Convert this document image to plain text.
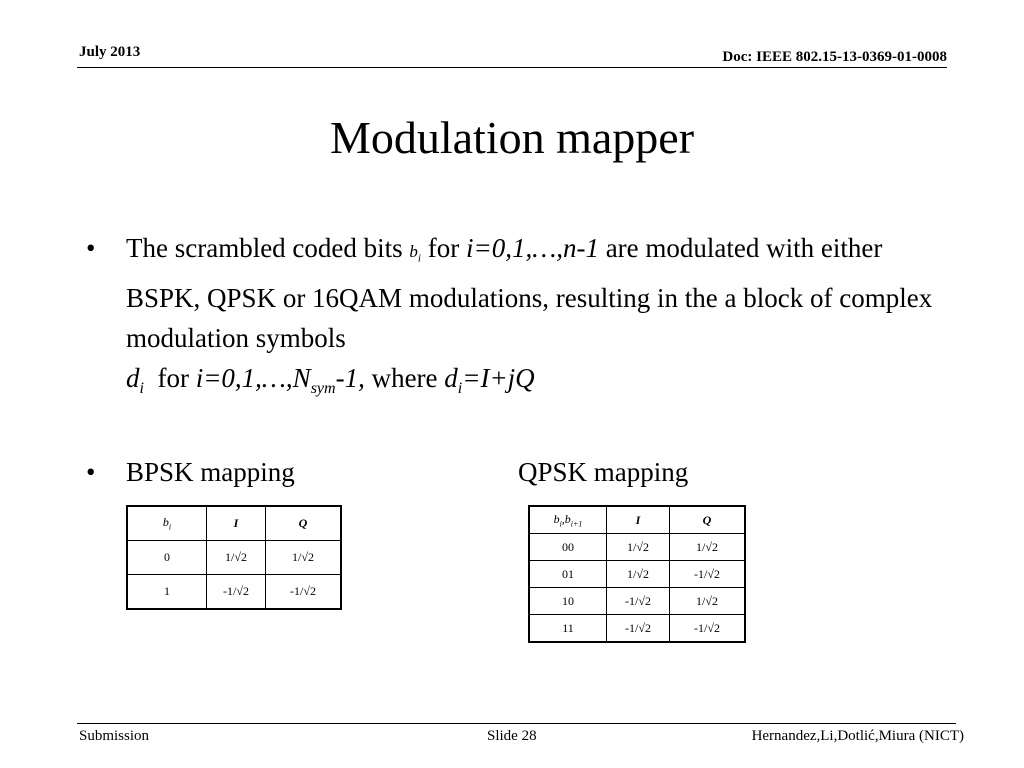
July 2013	Doc: IEEE 802.15-13-0369-01-0008
Modulation mapper
•	The scrambled coded bits $b_i$ for i=0,1,…,n-1 are modulated with either BSPK, QPSK or 16QAM modulations, resulting in the a block of complex modulation symbols
$d_i$  for $i=0,1,\dots,N_{sym}-1$, where $d_i=I+jQ$
• BPSK mapping	QPSK mapping
$b_i$	I	Q
0	1/√2	1/√2
1	-1/√2	-1/√2
$b_i,b_{i+1}$	I	Q
00	1/√2	1/√2
01	1/√2	-1/√2
10	-1/√2	1/√2
11	-1/√2	-1/√2
Submission	Slide 28	Hernandez,Li,Dotlić,Miura (NICT)
